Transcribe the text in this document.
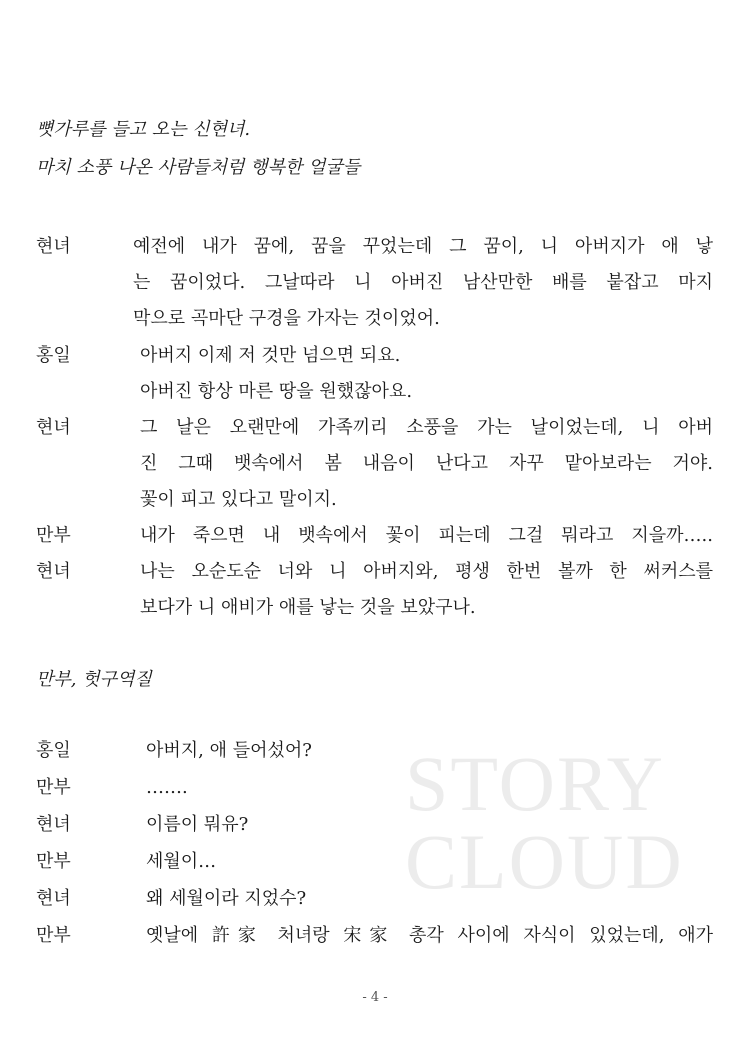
STORY
CLOUD
뼛가루를 들고 오는 신현녀.
마치 소풍 나온 사람들처럼 행복한 얼굴들
현녀	예전에 내가 꿈에, 꿈을 꾸었는데 그 꿈이, 니 아버지가 애 낳
는 꿈이었다. 그날따라 니 아버진 남산만한 배를 붙잡고 마지
막으로 곡마단 구경을 가자는 것이었어.
홍일	아버지 이제 저 것만 넘으면 되요.
아버진 항상 마른 땅을 원했잖아요.
현녀	그 날은 오랜만에 가족끼리 소풍을 가는 날이었는데, 니 아버
진 그때 뱃속에서 봄 내음이 난다고 자꾸 맡아보라는 거야.
꽃이 피고 있다고 말이지.
만부	내가 죽으면 내 뱃속에서 꽃이 피는데 그걸 뭐라고 지을까…..
현녀	나는 오순도순 너와 니 아버지와, 평생 한번 볼까 한 써커스를
보다가 니 애비가 애를 낳는 것을 보았구나.
만부, 헛구역질
홍일	아버지, 애 들어섰어?
만부	…….
현녀	이름이 뭐유?
만부	세월이…
현녀	왜 세월이라 지었수?
만부	옛날에 許家 처녀랑 宋家 총각 사이에 자식이 있었는데, 애가
- 4 -
